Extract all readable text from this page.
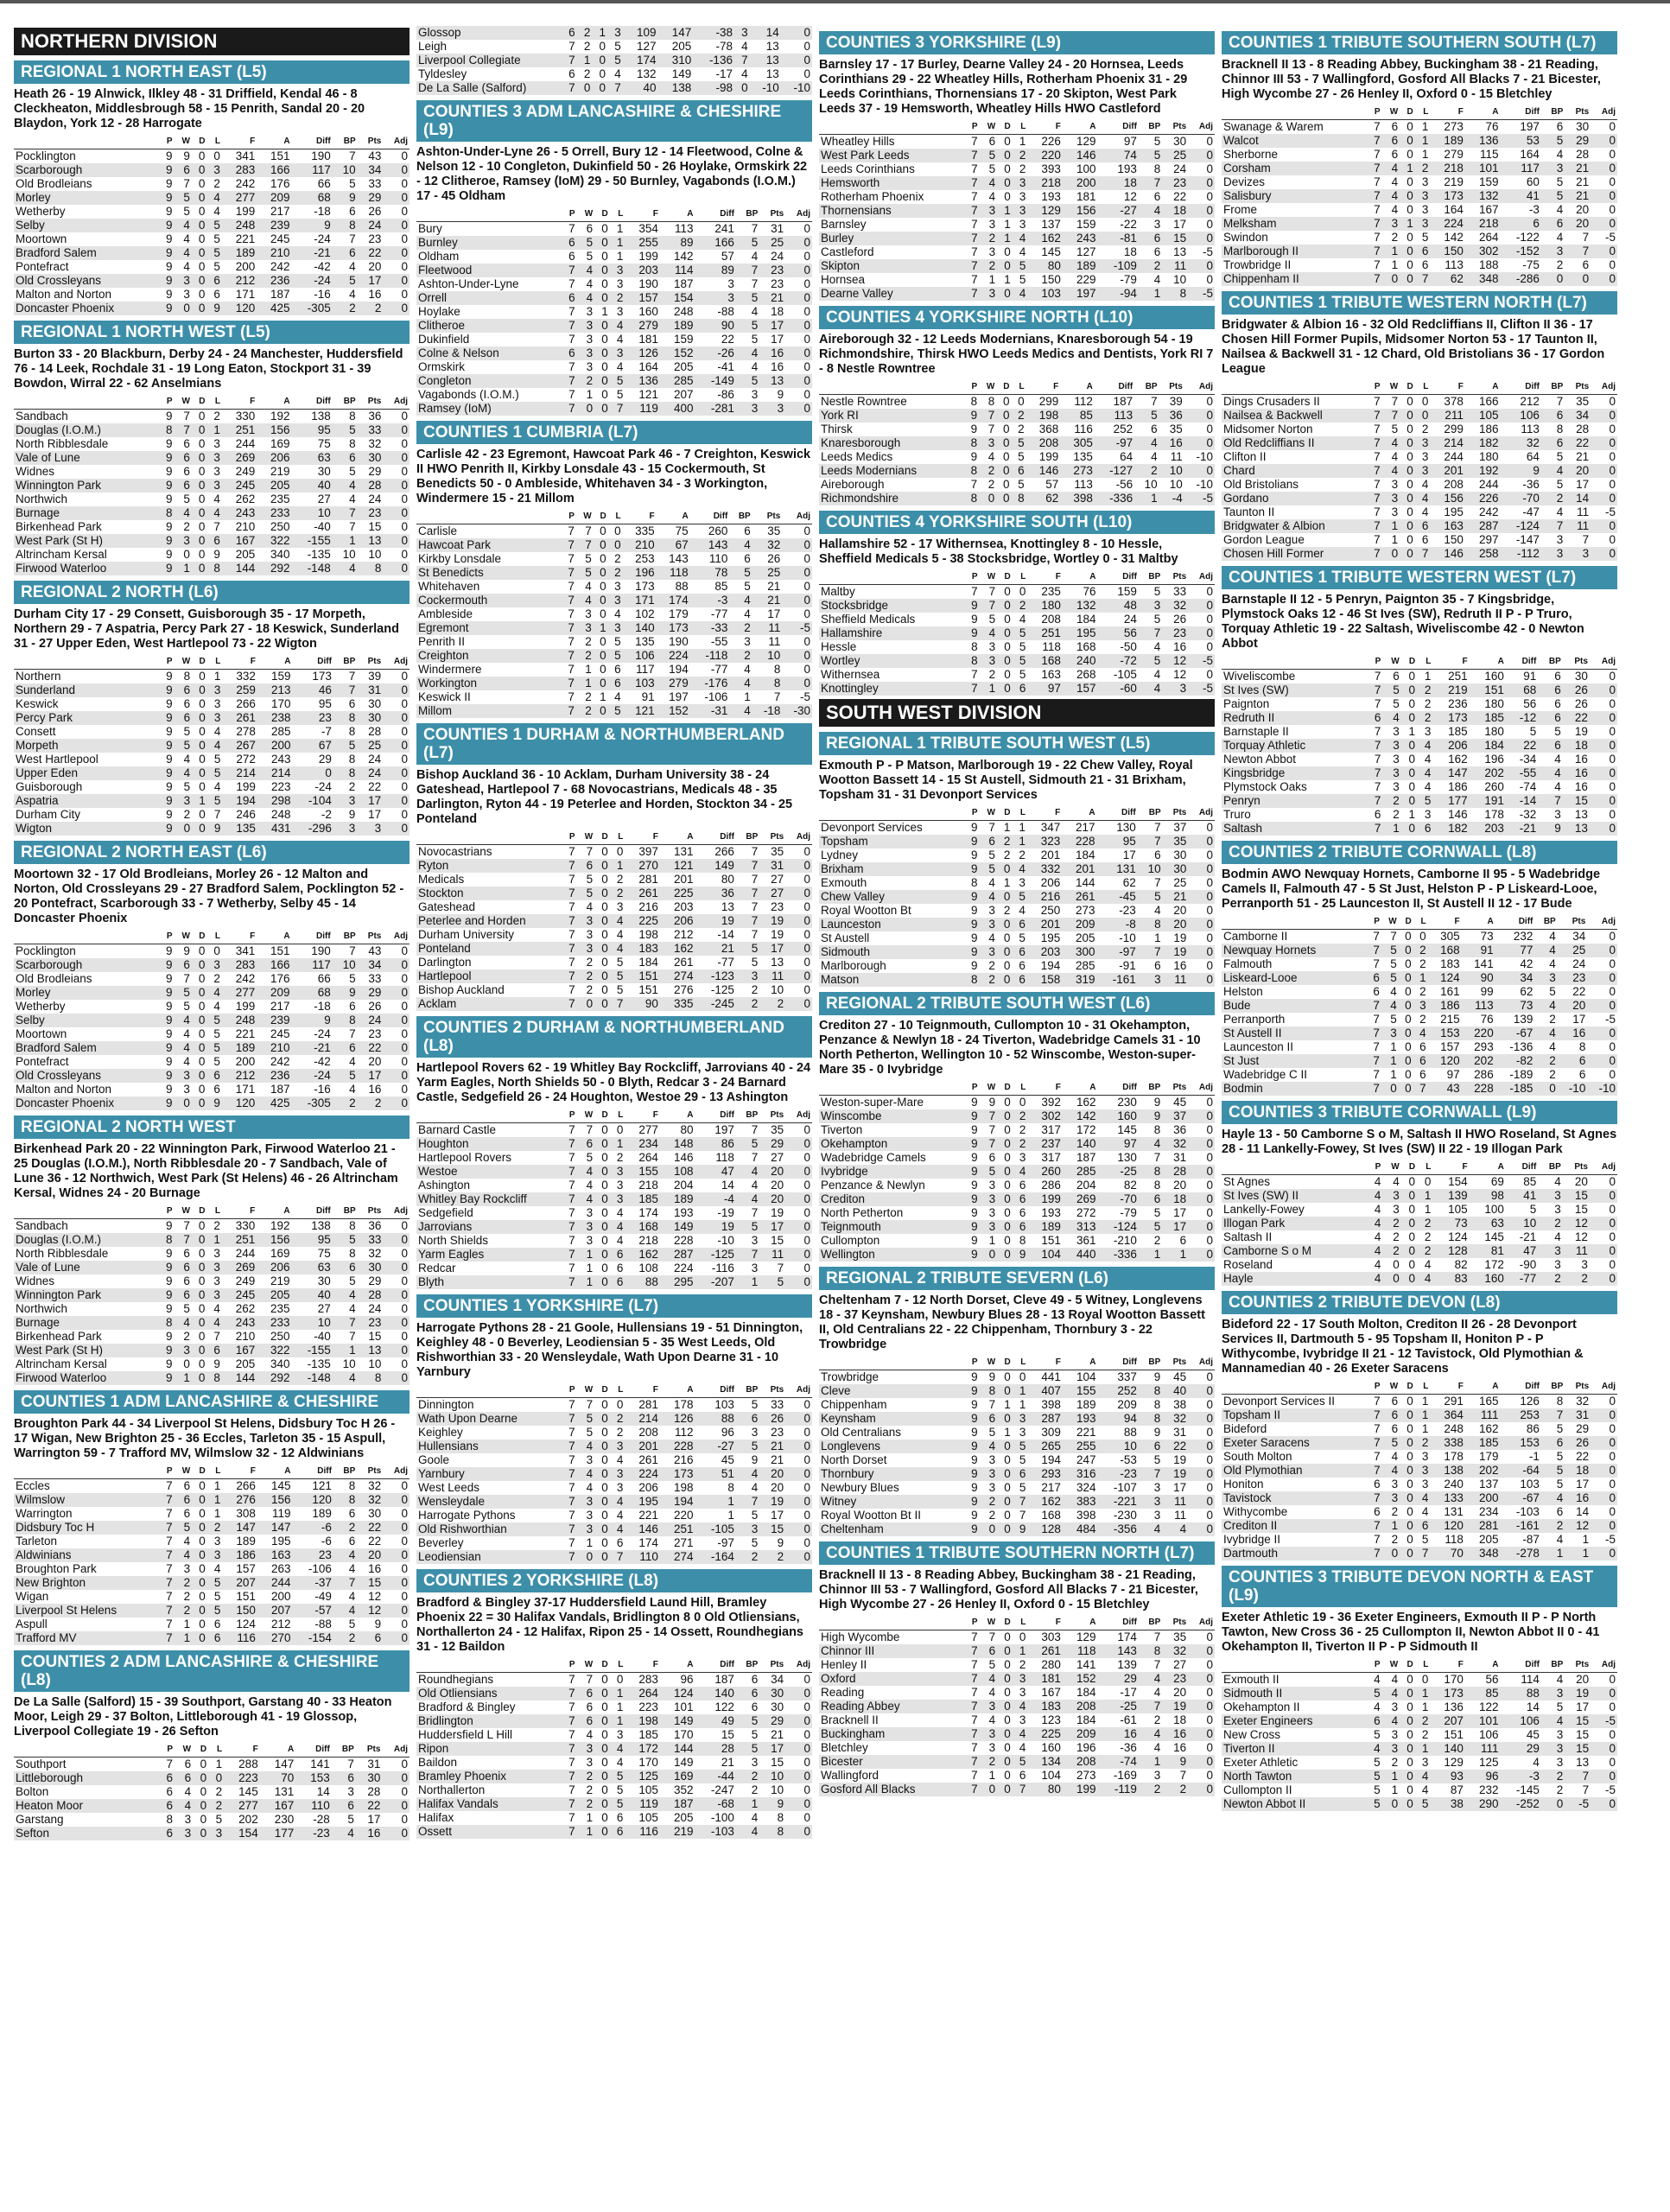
NORTHERN DIVISION
REGIONAL 1 NORTH EAST (L5)
Heath 26 - 19 Alnwick, Ilkley 48 - 31 Driffield, Kendal 46 - 8 Cleckheaton, Middlesbrough 58 - 15 Penrith, Sandal 20 - 20 Blaydon, York 12 - 28 Harrogate
	P	W	D	L	F	A	Diff	BP	Pts	Adj
Pocklington	9	9	0	0	341	151	190	7	43	0
Scarborough	9	6	0	3	283	166	117	10	34	0
Old Brodleians	9	7	0	2	242	176	66	5	33	0
Morley	9	5	0	4	277	209	68	9	29	0
Wetherby	9	5	0	4	199	217	-18	6	26	0
Selby	9	4	0	5	248	239	9	8	24	0
Moortown	9	4	0	5	221	245	-24	7	23	0
Bradford Salem	9	4	0	5	189	210	-21	6	22	0
Pontefract	9	4	0	5	200	242	-42	4	20	0
Old Crossleyans	9	3	0	6	212	236	-24	5	17	0
Malton and Norton	9	3	0	6	171	187	-16	4	16	0
Doncaster Phoenix	9	0	0	9	120	425	-305	2	2	0
REGIONAL 1 NORTH WEST (L5)
Burton 33 - 20 Blackburn, Derby 24 - 24 Manchester, Huddersfield 76 - 14 Leek, Rochdale 31 - 19 Long Eaton, Stockport 31 - 39 Bowdon, Wirral 22 - 62 Anselmians
	P	W	D	L	F	A	Diff	BP	Pts	Adj
Sandbach	9	7	0	2	330	192	138	8	36	0
Douglas (I.O.M.)	8	7	0	1	251	156	95	5	33	0
North Ribblesdale	9	6	0	3	244	169	75	8	32	0
Vale of Lune	9	6	0	3	269	206	63	6	30	0
Widnes	9	6	0	3	249	219	30	5	29	0
Winnington Park	9	6	0	3	245	205	40	4	28	0
Northwich	9	5	0	4	262	235	27	4	24	0
Burnage	8	4	0	4	243	233	10	7	23	0
Birkenhead Park	9	2	0	7	210	250	-40	7	15	0
West Park (St H)	9	3	0	6	167	322	-155	1	13	0
Altrincham Kersal	9	0	0	9	205	340	-135	10	10	0
Firwood Waterloo	9	1	0	8	144	292	-148	4	8	0
REGIONAL 2 NORTH (L6)
Durham City 17 - 29 Consett, Guisborough 35 - 17 Morpeth, Northern 29 - 7 Aspatria, Percy Park 27 - 18 Keswick, Sunderland 31 - 27 Upper Eden, West Hartlepool 73 - 22 Wigton
	P	W	D	L	F	A	Diff	BP	Pts	Adj
Northern	9	8	0	1	332	159	173	7	39	0
Sunderland	9	6	0	3	259	213	46	7	31	0
Keswick	9	6	0	3	266	170	95	6	30	0
Percy Park	9	6	0	3	261	238	23	8	30	0
Consett	9	5	0	4	278	285	-7	8	28	0
Morpeth	9	5	0	4	267	200	67	5	25	0
West Hartlepool	9	4	0	5	272	243	29	8	24	0
Upper Eden	9	4	0	5	214	214	0	8	24	0
Guisborough	9	5	0	4	199	223	-24	2	22	0
Aspatria	9	3	1	5	194	298	-104	3	17	0
Durham City	9	2	0	7	246	248	-2	9	17	0
Wigton	9	0	0	9	135	431	-296	3	3	0
REGIONAL 2 NORTH EAST (L6)
Moortown 32 - 17 Old Brodleians, Morley 26 - 12 Malton and Norton, Old Crossleyans 29 - 27 Bradford Salem, Pocklington 52 - 20 Pontefract, Scarborough 33 - 7 Wetherby, Selby 45 - 14 Doncaster Phoenix
	P	W	D	L	F	A	Diff	BP	Pts	Adj
Pocklington	9	9	0	0	341	151	190	7	43	0
Scarborough	9	6	0	3	283	166	117	10	34	0
Old Brodleians	9	7	0	2	242	176	66	5	33	0
Morley	9	5	0	4	277	209	68	9	29	0
Wetherby	9	5	0	4	199	217	-18	6	26	0
Selby	9	4	0	5	248	239	9	8	24	0
Moortown	9	4	0	5	221	245	-24	7	23	0
Bradford Salem	9	4	0	5	189	210	-21	6	22	0
Pontefract	9	4	0	5	200	242	-42	4	20	0
Old Crossleyans	9	3	0	6	212	236	-24	5	17	0
Malton and Norton	9	3	0	6	171	187	-16	4	16	0
Doncaster Phoenix	9	0	0	9	120	425	-305	2	2	0
REGIONAL 2 NORTH WEST
Birkenhead Park 20 - 22 Winnington Park, Firwood Waterloo 21 - 25 Douglas (I.O.M.), North Ribblesdale 20 - 7 Sandbach, Vale of Lune 36 - 12 Northwich, West Park (St Helens) 46 - 26 Altrincham Kersal, Widnes 24 - 20 Burnage
	P	W	D	L	F	A	Diff	BP	Pts	Adj
Sandbach	9	7	0	2	330	192	138	8	36	0
Douglas (I.O.M.)	8	7	0	1	251	156	95	5	33	0
North Ribblesdale	9	6	0	3	244	169	75	8	32	0
Vale of Lune	9	6	0	3	269	206	63	6	30	0
Widnes	9	6	0	3	249	219	30	5	29	0
Winnington Park	9	6	0	3	245	205	40	4	28	0
Northwich	9	5	0	4	262	235	27	4	24	0
Burnage	8	4	0	4	243	233	10	7	23	0
Birkenhead Park	9	2	0	7	210	250	-40	7	15	0
West Park (St H)	9	3	0	6	167	322	-155	1	13	0
Altrincham Kersal	9	0	0	9	205	340	-135	10	10	0
Firwood Waterloo	9	1	0	8	144	292	-148	4	8	0
COUNTIES 1 ADM LANCASHIRE & CHESHIRE
Broughton Park 44 - 34 Liverpool St Helens, Didsbury Toc H 26 - 17 Wigan, New Brighton 25 - 36 Eccles, Tarleton 35 - 15 Aspull, Warrington 59 - 7 Trafford MV, Wilmslow 32 - 12 Aldwinians
	P	W	D	L	F	A	Diff	BP	Pts	Adj
Eccles	7	6	0	1	266	145	121	8	32	0
Wilmslow	7	6	0	1	276	156	120	8	32	0
Warrington	7	6	0	1	308	119	189	6	30	0
Didsbury Toc H	7	5	0	2	147	147	-6	2	22	0
Tarleton	7	4	0	3	189	195	-6	6	22	0
Aldwinians	7	4	0	3	186	163	23	4	20	0
Broughton Park	7	3	0	4	157	263	-106	4	16	0
New Brighton	7	2	0	5	207	244	-37	7	15	0
Wigan	7	2	0	5	151	200	-49	4	12	0
Liverpool St Helens	7	2	0	5	150	207	-57	4	12	0
Aspull	7	1	0	6	124	212	-88	5	9	0
Trafford MV	7	1	0	6	116	270	-154	2	6	0
COUNTIES 2 ADM LANCASHIRE & CHESHIRE (L8)
De La Salle (Salford) 15 - 39 Southport, Garstang 40 - 33 Heaton Moor, Leigh 29 - 37 Bolton, Littleborough 41 - 19 Glossop, Liverpool Collegiate 19 - 26 Sefton
	P	W	D	L	F	A	Diff	BP	Pts	Adj
Southport	7	6	0	1	288	147	141	7	31	0
Littleborough	6	6	0	0	223	70	153	6	30	0
Bolton	6	4	0	2	145	131	14	3	28	0
Heaton Moor	6	4	0	2	277	167	110	6	22	0
Garstang	8	3	0	5	202	230	-28	5	17	0
Sefton	6	3	0	3	154	177	-23	4	16	0
Glossop	6	2	1	3	109	147	-38	3	14	0
Leigh	7	2	0	5	127	205	-78	4	13	0
Liverpool Collegiate	7	1	0	5	174	310	-136	7	13	0
Tyldesley	6	2	0	4	132	149	-17	4	13	0
De La Salle (Salford)	7	0	0	7	40	138	-98	0	-10	-10
COUNTIES 3 ADM LANCASHIRE & CHESHIRE (L9)
Ashton-Under-Lyne 26 - 5 Orrell, Bury 12 - 14 Fleetwood, Colne & Nelson 12 - 10 Congleton, Dukinfield 50 - 26 Hoylake, Ormskirk 22 - 12 Clitheroe, Ramsey (IoM) 29 - 50 Burnley, Vagabonds (I.O.M.) 17 - 45 Oldham
	P	W	D	L	F	A	Diff	BP	Pts	Adj
Bury	7	6	0	1	354	113	241	7	31	0
Burnley	6	5	0	1	255	89	166	5	25	0
Oldham	6	5	0	1	199	142	57	4	24	0
Fleetwood	7	4	0	3	203	114	89	7	23	0
Ashton-Under-Lyne	7	4	0	3	190	187	3	7	23	0
Orrell	6	4	0	2	157	154	3	5	21	0
Hoylake	7	3	1	3	160	248	-88	4	18	0
Clitheroe	7	3	0	4	279	189	90	5	17	0
Dukinfield	7	3	0	4	181	159	22	5	17	0
Colne & Nelson	6	3	0	3	126	152	-26	4	16	0
Ormskirk	7	3	0	4	164	205	-41	4	16	0
Congleton	7	2	0	5	136	285	-149	5	13	0
Vagabonds (I.O.M.)	7	1	0	5	121	207	-86	3	9	0
Ramsey (IoM)	7	0	0	7	119	400	-281	3	3	0
COUNTIES 1 CUMBRIA (L7)
Carlisle 42 - 23 Egremont, Hawcoat Park 46 - 7 Creighton, Keswick II HWO Penrith II, Kirkby Lonsdale 43 - 15 Cockermouth, St Benedicts 50 - 0 Ambleside, Whitehaven 34 - 3 Workington, Windermere 15 - 21 Millom
	P	W	D	L	F	A	Diff	BP	Pts	Adj
Carlisle	7	7	0	0	335	75	260	6	35	0
Hawcoat Park	7	7	0	0	210	67	143	4	32	0
Kirkby Lonsdale	7	5	0	2	253	143	110	6	26	0
St Benedicts	7	5	0	2	196	118	78	5	25	0
Whitehaven	7	4	0	3	173	88	85	5	21	0
Cockermouth	7	4	0	3	171	174	-3	4	21	0
Ambleside	7	3	0	4	102	179	-77	4	17	0
Egremont	7	3	1	3	140	173	-33	2	11	-5
Penrith II	7	2	0	5	135	190	-55	3	11	0
Creighton	7	2	0	5	106	224	-118	2	10	0
Windermere	7	1	0	6	117	194	-77	4	8	0
Workington	7	1	0	6	103	279	-176	4	8	0
Keswick II	7	2	1	4	91	197	-106	1	7	-5
Millom	7	2	0	5	121	152	-31	4	-18	-30
COUNTIES 1 DURHAM & NORTHUMBERLAND (L7)
Bishop Auckland 36 - 10 Acklam, Durham University 38 - 24 Gateshead, Hartlepool 7 - 68 Novocastrians, Medicals 48 - 35 Darlington, Ryton 44 - 19 Peterlee and Horden, Stockton 34 - 25 Ponteland
	P	W	D	L	F	A	Diff	BP	Pts	Adj
Novocastrians	7	7	0	0	397	131	266	7	35	0
Ryton	7	6	0	1	270	121	149	7	31	0
Medicals	7	5	0	2	281	201	80	7	27	0
Stockton	7	5	0	2	261	225	36	7	27	0
Gateshead	7	4	0	3	216	203	13	7	23	0
Peterlee and Horden	7	3	0	4	225	206	19	7	19	0
Durham University	7	3	0	4	198	212	-14	7	19	0
Ponteland	7	3	0	4	183	162	21	5	17	0
Darlington	7	2	0	5	184	261	-77	5	13	0
Hartlepool	7	2	0	5	151	274	-123	3	11	0
Bishop Auckland	7	2	0	5	151	276	-125	2	10	0
Acklam	7	0	0	7	90	335	-245	2	2	0
COUNTIES 2 DURHAM & NORTHUMBERLAND (L8)
Hartlepool Rovers 62 - 19 Whitley Bay Rockcliff, Jarrovians 40 - 24 Yarm Eagles, North Shields 50 - 0 Blyth, Redcar 3 - 24 Barnard Castle, Sedgefield 26 - 24 Houghton, Westoe 29 - 13 Ashington
	P	W	D	L	F	A	Diff	BP	Pts	Adj
Barnard Castle	7	7	0	0	277	80	197	7	35	0
Houghton	7	6	0	1	234	148	86	5	29	0
Hartlepool Rovers	7	5	0	2	264	146	118	7	27	0
Westoe	7	4	0	3	155	108	47	4	20	0
Ashington	7	4	0	3	218	204	14	4	20	0
Whitley Bay Rockcliff	7	4	0	3	185	189	-4	4	20	0
Sedgefield	7	3	0	4	174	193	-19	7	19	0
Jarrovians	7	3	0	4	168	149	19	5	17	0
North Shields	7	3	0	4	218	228	-10	3	15	0
Yarm Eagles	7	1	0	6	162	287	-125	7	11	0
Redcar	7	1	0	6	108	224	-116	3	7	0
Blyth	7	1	0	6	88	295	-207	1	5	0
COUNTIES 1 YORKSHIRE (L7)
Harrogate Pythons 28 - 21 Goole, Hullensians 19 - 51 Dinnington, Keighley 48 - 0 Beverley, Leodiensian 5 - 35 West Leeds, Old Rishworthian 33 - 20 Wensleydale, Wath Upon Dearne 31 - 10 Yarnbury
	P	W	D	L	F	A	Diff	BP	Pts	Adj
Dinnington	7	7	0	0	281	178	103	5	33	0
Wath Upon Dearne	7	5	0	2	214	126	88	6	26	0
Keighley	7	5	0	2	208	112	96	3	23	0
Hullensians	7	4	0	3	201	228	-27	5	21	0
Goole	7	3	0	4	261	216	45	9	21	0
Yarnbury	7	4	0	3	224	173	51	4	20	0
West Leeds	7	4	0	3	206	198	8	4	20	0
Wensleydale	7	3	0	4	195	194	1	7	19	0
Harrogate Pythons	7	3	0	4	221	220	1	5	17	0
Old Rishworthian	7	3	0	4	146	251	-105	3	15	0
Beverley	7	1	0	6	174	271	-97	5	9	0
Leodiensian	7	0	0	7	110	274	-164	2	2	0
COUNTIES 2 YORKSHIRE (L8)
Bradford & Bingley 37-17 Huddersfield Laund Hill, Bramley Phoenix 22 = 30 Halifax Vandals, Bridlington 8 0 Old Otliensians, Northallerton 24 - 12 Halifax, Ripon 25 - 14 Ossett, Roundhegians 31 - 12 Baildon
	P	W	D	L	F	A	Diff	BP	Pts	Adj
Roundhegians	7	7	0	0	283	96	187	6	34	0
Old Otliensians	7	6	0	1	264	124	140	6	30	0
Bradford & Bingley	7	6	0	1	223	101	122	6	30	0
Bridlington	7	6	0	1	198	149	49	5	29	0
Huddersfield L Hill	7	4	0	3	185	170	15	5	21	0
Ripon	7	3	0	4	172	144	28	5	17	0
Baildon	7	3	0	4	170	149	21	3	15	0
Bramley Phoenix	7	2	0	5	125	169	-44	2	10	0
Northallerton	7	2	0	5	105	352	-247	2	10	0
Halifax Vandals	7	2	0	5	119	187	-68	1	9	0
Halifax	7	1	0	6	105	205	-100	4	8	0
Ossett	7	1	0	6	116	219	-103	4	8	0
COUNTIES 3 YORKSHIRE (L9)
Barnsley 17 - 17 Burley, Dearne Valley 24 - 20 Hornsea, Leeds Corinthians 29 - 22 Wheatley Hills, Rotherham Phoenix 31 - 29 Leeds Corinthians, Thornensians 17 - 20 Skipton, West Park Leeds 37 - 19 Hemsworth, Wheatley Hills HWO Castleford
	P	W	D	L	F	A	Diff	BP	Pts	Adj
Wheatley Hills	7	6	0	1	226	129	97	5	30	0
West Park Leeds	7	5	0	2	220	146	74	5	25	0
Leeds Corinthians	7	5	0	2	393	100	193	8	24	0
Hemsworth	7	4	0	3	218	200	18	7	23	0
Rotherham Phoenix	7	4	0	3	193	181	12	6	22	0
Thornensians	7	3	1	3	129	156	-27	4	18	0
Barnsley	7	3	1	3	137	159	-22	3	17	0
Burley	7	2	1	4	162	243	-81	6	15	0
Castleford	7	3	0	4	145	127	18	6	13	-5
Skipton	7	2	0	5	80	189	-109	2	11	0
Hornsea	7	1	1	5	150	229	-79	4	10	0
Dearne Valley	7	3	0	4	103	197	-94	1	8	-5
COUNTIES 4 YORKSHIRE NORTH (L10)
Aireborough 32 - 12 Leeds Modernians, Knaresborough 54 - 19 Richmondshire, Thirsk HWO Leeds Medics and Dentists, York RI 7 - 8 Nestle Rowntree
	P	W	D	L	F	A	Diff	BP	Pts	Adj
Nestle Rowntree	8	8	0	0	299	112	187	7	39	0
York RI	9	7	0	2	198	85	113	5	36	0
Thirsk	9	7	0	2	368	116	252	6	35	0
Knaresborough	8	3	0	5	208	305	-97	4	16	0
Leeds Medics	9	4	0	5	199	135	64	4	11	-10
Leeds Modernians	8	2	0	6	146	273	-127	2	10	0
Aireborough	7	2	0	5	57	113	-56	10	10	-10
Richmondshire	8	0	0	8	62	398	-336	1	-4	-5
COUNTIES 4 YORKSHIRE SOUTH (L10)
Hallamshire 52 - 17 Withernsea, Knottingley 8 - 10 Hessle, Sheffield Medicals 5 - 38 Stocksbridge, Wortley 0 - 31 Maltby
	P	W	D	L	F	A	Diff	BP	Pts	Adj
Maltby	7	7	0	0	235	76	159	5	33	0
Stocksbridge	9	7	0	2	180	132	48	3	32	0
Sheffield Medicals	9	5	0	4	208	184	24	5	26	0
Hallamshire	9	4	0	5	251	195	56	7	23	0
Hessle	8	3	0	5	118	168	-50	4	16	0
Wortley	8	3	0	5	168	240	-72	5	12	-5
Withernsea	7	2	0	5	163	268	-105	4	12	0
Knottingley	7	1	0	6	97	157	-60	4	3	-5
SOUTH WEST DIVISION
REGIONAL 1 TRIBUTE SOUTH WEST (L5)
Exmouth P - P Matson, Marlborough 19 - 22 Chew Valley, Royal Wootton Bassett 14 - 15 St Austell, Sidmouth 21 - 31 Brixham, Topsham 31 - 31 Devonport Services
	P	W	D	L	F	A	Diff	BP	Pts	Adj
Devonport Services	9	7	1	1	347	217	130	7	37	0
Topsham	9	6	2	1	323	228	95	7	35	0
Lydney	9	5	2	2	201	184	17	6	30	0
Brixham	9	5	0	4	332	201	131	10	30	0
Exmouth	8	4	1	3	206	144	62	7	25	0
Chew Valley	9	4	0	5	216	261	-45	5	21	0
Royal Wootton Bt	9	3	2	4	250	273	-23	4	20	0
Launceston	9	3	0	6	201	209	-8	8	20	0
St Austell	9	4	0	5	195	205	-10	1	19	0
Sidmouth	9	3	0	6	203	300	-97	7	19	0
Marlborough	9	2	0	6	194	285	-91	6	16	0
Matson	8	2	0	6	158	319	-161	3	11	0
REGIONAL 2 TRIBUTE SOUTH WEST (L6)
Crediton 27 - 10 Teignmouth, Cullompton 10 - 31 Okehampton, Penzance & Newlyn 18 - 24 Tiverton, Wadebridge Camels 31 - 10 North Petherton, Wellington 10 - 52 Winscombe, Weston-super-Mare 35 - 0 Ivybridge
	P	W	D	L	F	A	Diff	BP	Pts	Adj
Weston-super-Mare	9	9	0	0	392	162	230	9	45	0
Winscombe	9	7	0	2	302	142	160	9	37	0
Tiverton	9	7	0	2	317	172	145	8	36	0
Okehampton	9	7	0	2	237	140	97	4	32	0
Wadebridge Camels	9	6	0	3	317	187	130	7	31	0
Ivybridge	9	5	0	4	260	285	-25	8	28	0
Penzance & Newlyn	9	3	0	6	286	204	82	8	20	0
Crediton	9	3	0	6	199	269	-70	6	18	0
North Petherton	9	3	0	6	193	272	-79	5	17	0
Teignmouth	9	3	0	6	189	313	-124	5	17	0
Cullompton	9	1	0	8	151	361	-210	2	6	0
Wellington	9	0	0	9	104	440	-336	1	1	0
REGIONAL 2 TRIBUTE SEVERN (L6)
Cheltenham 7 - 12 North Dorset, Cleve 49 - 5 Witney, Longlevens 18 - 37 Keynsham, Newbury Blues 28 - 13 Royal Wootton Bassett II, Old Centralians 22 - 22 Chippenham, Thornbury 3 - 22 Trowbridge
	P	W	D	L	F	A	Diff	BP	Pts	Adj
Trowbridge	9	9	0	0	441	104	337	9	45	0
Cleve	9	8	0	1	407	155	252	8	40	0
Chippenham	9	7	1	1	398	189	209	8	38	0
Keynsham	9	6	0	3	287	193	94	8	32	0
Old Centralians	9	5	1	3	309	221	88	9	31	0
Longlevens	9	4	0	5	265	255	10	6	22	0
North Dorset	9	3	0	5	194	247	-53	5	19	0
Thornbury	9	3	0	6	293	316	-23	7	19	0
Newbury Blues	9	3	0	5	217	324	-107	3	17	0
Witney	9	2	0	7	162	383	-221	3	11	0
Royal Wootton Bt II	9	2	0	7	168	398	-230	3	11	0
Cheltenham	9	0	0	9	128	484	-356	4	4	0
COUNTIES 1 TRIBUTE SOUTHERN NORTH (L7)
Bracknell II 13 - 8 Reading Abbey, Buckingham 38 - 21 Reading, Chinnor III 53 - 7 Wallingford, Gosford All Blacks 7 - 21 Bicester, High Wycombe 27 - 26 Henley II, Oxford 0 - 15 Bletchley
	P	W	D	L	F	A	Diff	BP	Pts	Adj
High Wycombe	7	7	0	0	303	129	174	7	35	0
Chinnor III	7	6	0	1	261	118	143	8	32	0
Henley II	7	5	0	2	280	141	139	7	27	0
Oxford	7	4	0	3	181	152	29	4	23	0
Reading	7	4	0	3	167	184	-17	4	20	0
Reading Abbey	7	3	0	4	183	208	-25	7	19	0
Bracknell II	7	4	0	3	123	184	-61	2	18	0
Buckingham	7	3	0	4	225	209	16	4	16	0
Bletchley	7	3	0	4	160	196	-36	4	16	0
Bicester	7	2	0	5	134	208	-74	1	9	0
Wallingford	7	1	0	6	104	273	-169	3	7	0
Gosford All Blacks	7	0	0	7	80	199	-119	2	2	0
COUNTIES 1 TRIBUTE SOUTHERN SOUTH (L7)
Bracknell II 13 - 8 Reading Abbey, Buckingham 38 - 21 Reading, Chinnor III 53 - 7 Wallingford, Gosford All Blacks 7 - 21 Bicester, High Wycombe 27 - 26 Henley II, Oxford 0 - 15 Bletchley
	P	W	D	L	F	A	Diff	BP	Pts	Adj
Swanage & Warem	7	6	0	1	273	76	197	6	30	0
Walcot	7	6	0	1	189	136	53	5	29	0
Sherborne	7	6	0	1	279	115	164	4	28	0
Corsham	7	4	1	2	218	101	117	3	21	0
Devizes	7	4	0	3	219	159	60	5	21	0
Salisbury	7	4	0	3	173	132	41	5	21	0
Frome	7	4	0	3	164	167	-3	4	20	0
Melksham	7	3	1	3	224	218	6	6	20	0
Swindon	7	2	0	5	142	264	-122	4	7	-5
Marlborough II	7	1	0	6	150	302	-152	3	7	0
Trowbridge II	7	1	0	6	113	188	-75	2	6	0
Chippenham II	7	0	0	7	62	348	-286	0	0	0
COUNTIES 1 TRIBUTE WESTERN NORTH (L7)
Bridgwater & Albion 16 - 32 Old Redcliffians II, Clifton II 36 - 17 Chosen Hill Former Pupils, Midsomer Norton 53 - 17 Taunton II, Nailsea & Backwell 31 - 12 Chard, Old Bristolians 36 - 17 Gordon League
	P	W	D	L	F	A	Diff	BP	Pts	Adj
Dings Crusaders II	7	7	0	0	378	166	212	7	35	0
Nailsea & Backwell	7	7	0	0	211	105	106	6	34	0
Midsomer Norton	7	5	0	2	299	186	113	8	28	0
Old Redcliffians II	7	4	0	3	214	182	32	6	22	0
Clifton II	7	4	0	3	244	180	64	5	21	0
Chard	7	4	0	3	201	192	9	4	20	0
Old Bristolians	7	3	0	4	208	244	-36	5	17	0
Gordano	7	3	0	4	156	226	-70	2	14	0
Taunton II	7	3	0	4	195	242	-47	4	11	-5
Bridgwater & Albion	7	1	0	6	163	287	-124	7	11	0
Gordon League	7	1	0	6	150	297	-147	3	7	0
Chosen Hill Former	7	0	0	7	146	258	-112	3	3	0
COUNTIES 1 TRIBUTE WESTERN WEST (L7)
Barnstaple II 12 - 5 Penryn, Paignton 35 - 7 Kingsbridge, Plymstock Oaks 12 - 46 St Ives (SW), Redruth II P - P Truro, Torquay Athletic 19 - 22 Saltash, Wiveliscombe 42 - 0 Newton Abbot
	P	W	D	L	F	A	Diff	BP	Pts	Adj
Wiveliscombe	7	6	0	1	251	160	91	6	30	0
St Ives (SW)	7	5	0	2	219	151	68	6	26	0
Paignton	7	5	0	2	236	180	56	6	26	0
Redruth II	6	4	0	2	173	185	-12	6	22	0
Barnstaple II	7	3	1	3	185	180	5	5	19	0
Torquay Athletic	7	3	0	4	206	184	22	6	18	0
Newton Abbot	7	3	0	4	162	196	-34	4	16	0
Kingsbridge	7	3	0	4	147	202	-55	4	16	0
Plymstock Oaks	7	3	0	4	186	260	-74	4	16	0
Penryn	7	2	0	5	177	191	-14	7	15	0
Truro	6	2	1	3	146	178	-32	3	13	0
Saltash	7	1	0	6	182	203	-21	9	13	0
COUNTIES 2 TRIBUTE CORNWALL (L8)
Bodmin AWO Newquay Hornets, Camborne II 95 - 5 Wadebridge Camels II, Falmouth 47 - 5 St Just, Helston P - P Liskeard-Looe, Perranporth 51 - 25 Launceston II, St Austell II 12 - 17 Bude
	P	W	D	L	F	A	Diff	BP	Pts	Adj
Camborne II	7	7	0	0	305	73	232	4	34	0
Newquay Hornets	7	5	0	2	168	91	77	4	25	0
Falmouth	7	5	0	2	183	141	42	4	24	0
Liskeard-Looe	6	5	0	1	124	90	34	3	23	0
Helston	6	4	0	2	161	99	62	5	22	0
Bude	7	4	0	3	186	113	73	4	20	0
Perranporth	7	5	0	2	215	76	139	2	17	-5
St Austell II	7	3	0	4	153	220	-67	4	16	0
Launceston II	7	1	0	6	157	293	-136	4	8	0
St Just	7	1	0	6	120	202	-82	2	6	0
Wadebridge C II	7	1	0	6	97	286	-189	2	6	0
Bodmin	7	0	0	7	43	228	-185	0	-10	-10
COUNTIES 3 TRIBUTE CORNWALL (L9)
Hayle 13 - 50 Camborne S o M, Saltash II HWO Roseland, St Agnes 28 - 11 Lankelly-Fowey, St Ives (SW) II 22 - 19 Illogan Park
	P	W	D	L	F	A	Diff	BP	Pts	Adj
St Agnes	4	4	0	0	154	69	85	4	20	0
St Ives (SW) II	4	3	0	1	139	98	41	3	15	0
Lankelly-Fowey	4	3	0	1	105	100	5	3	15	0
Illogan Park	4	2	0	2	73	63	10	2	12	0
Saltash II	4	2	0	2	124	145	-21	4	12	0
Camborne S o M	4	2	0	2	128	81	47	3	11	0
Roseland	4	0	0	4	82	172	-90	3	3	0
Hayle	4	0	0	4	83	160	-77	2	2	0
COUNTIES 2 TRIBUTE DEVON (L8)
Bideford 22 - 17 South Molton, Crediton II 26 - 28 Devonport Services II, Dartmouth 5 - 95 Topsham II, Honiton P - P Withycombe, Ivybridge II 21 - 12 Tavistock, Old Plymothian & Mannamedian 40 - 26 Exeter Saracens
	P	W	D	L	F	A	Diff	BP	Pts	Adj
Devonport Services II	7	6	0	1	291	165	126	8	32	0
Topsham II	7	6	0	1	364	111	253	7	31	0
Bideford	7	6	0	1	248	162	86	5	29	0
Exeter Saracens	7	5	0	2	338	185	153	6	26	0
South Molton	7	4	0	3	178	179	-1	5	22	0
Old Plymothian	7	4	0	3	138	202	-64	5	18	0
Honiton	6	3	0	3	240	137	103	5	17	0
Tavistock	7	3	0	4	133	200	-67	4	16	0
Withycombe	6	2	0	4	131	234	-103	6	14	0
Crediton II	7	1	0	6	120	281	-161	2	12	0
Ivybridge II	7	2	0	5	118	205	-87	4	1	-5
Dartmouth	7	0	0	7	70	348	-278	1	1	0
COUNTIES 3 TRIBUTE DEVON NORTH & EAST (L9)
Exeter Athletic 19 - 36 Exeter Engineers, Exmouth II P - P North Tawton, New Cross 36 - 25 Cullompton II, Newton Abbot II 0 - 41 Okehampton II, Tiverton II P - P Sidmouth II
	P	W	D	L	F	A	Diff	BP	Pts	Adj
Exmouth II	4	4	0	0	170	56	114	4	20	0
Sidmouth II	5	4	0	1	173	85	88	3	19	0
Okehampton II	4	3	0	1	136	122	14	5	17	0
Exeter Engineers	6	4	0	2	207	101	106	4	15	-5
New Cross	5	3	0	2	151	106	45	3	15	0
Tiverton II	4	3	0	1	140	111	29	3	15	0
Exeter Athletic	5	2	0	3	129	125	4	3	13	0
North Tawton	5	1	0	4	93	96	-3	2	7	0
Cullompton II	5	1	0	4	87	232	-145	2	7	-5
Newton Abbot II	5	0	0	5	38	290	-252	0	-5	0
